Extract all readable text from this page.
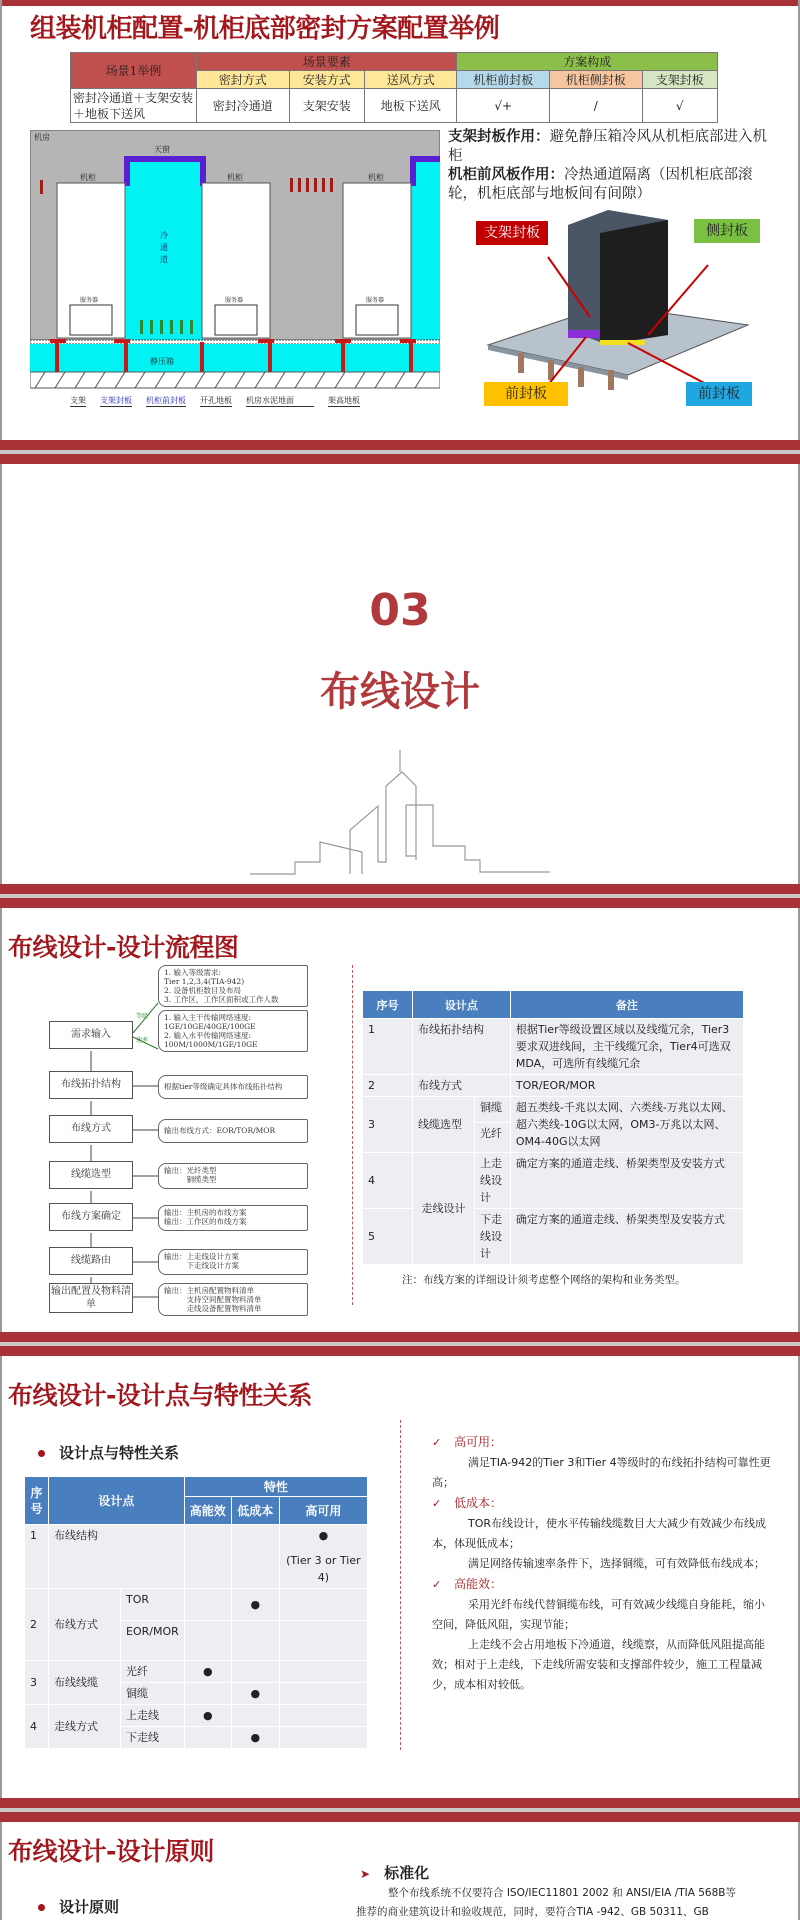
组装机柜配置-机柜底部密封方案配置举例
场景1举例	场景要素			方案构成		
	密封方式	安装方式	送风方式	机柜前封板	机柜侧封板	支架封板
密封冷通道＋支架安装＋地板下送风	密封冷通道	支架安装	地板下送风	√+	/	√
机房
天窗
机柜	机柜	机柜
冷通道
服务器	服务器	服务器
静压箱
支架 支架封板 机柜前封板 开孔地板 机房水泥地面	架高地板
支架封板作用：避免静压箱冷风从机柜底部进入机柜
机柜前风板作用：冷热通道隔离（因机柜底部滚轮，机柜底部与地板间有间隙）
支架封板	侧封板
前封板	前封板
03
布线设计
布线设计-设计流程图
等级
速率
需求输入
布线拓扑结构
布线方式
线缆选型
布线方案确定
线缆路由
输出配置及物料清单
1. 输入等级需求:
Tier 1,2,3,4(TIA-942)
2. 设备机柜数目及布局
3. 工作区，工作区面积或工作人数
1. 输入主干传输网络速度:
1GE/10GE/40GE/100GE
2. 输入水平传输网络速度:
100M/1000M/1GE/10GE
根据tier等级确定具体布线拓扑结构
输出布线方式：EOR/TOR/MOR
输出：光纤类型
　　　铜缆类型
输出：主机房的布线方案
输出：工作区的布线方案
输出：上走线设计方案
　　　下走线设计方案
输出：主机房配置物料清单
　　　支持空间配置物料清单
　　　走线设备配置物料清单
序号	设计点		备注
1	布线拓扑结构		根据Tier等级设置区域以及线缆冗余，Tier3要求双进线间，主干线缆冗余，Tier4可选双MDA，可选所有线缆冗余
2	布线方式		TOR/EOR/MOR
3	线缆选型	铜缆	超五类线-千兆以太网、六类线-万兆以太网、超六类线-10G以太网，OM3-万兆以太网、OM4-40G以太网
		光纤	
4	走线设计	上走线设计	确定方案的通道走线、桥架类型及安装方式
5		下走线设计	确定方案的通道走线、桥架类型及安装方式
注：布线方案的详细设计须考虑整个网络的架构和业务类型。
布线设计-设计点与特性关系
设计点与特性关系
序号	设计点		特性		
			高能效	低成本	高可用
1	布线结构				●
(Tier 3 or Tier 4)

2	布线方式	TOR		●	
		EOR/MOR			
3	布线线缆	光纤	●		
		铜缆		●	
4	走线方式	上走线	●		
		下走线		●	
✓ 高可用：
满足TIA-942的Tier 3和Tier 4等级时的布线拓扑结构可靠性更高；
✓ 低成本：
TOR布线设计，使水平传输线缆数目大大减少有效减少布线成本，体现低成本；
满足网络传输速率条件下，选择铜缆，可有效降低布线成本；
✓ 高能效：
采用光纤布线代替铜缆布线，可有效减少线缆自身能耗，缩小空间，降低风阻，实现节能；
上走线不会占用地板下冷通道，线缆察，从而降低风阻提高能效；相对于上走线，下走线所需安装和支撑部件较少，施工工程量减少，成本相对较低。
布线设计-设计原则
设计原则
➤ 标准化
整个布线系统不仅要符合 ISO/IEC11801 2002 和 ANSI/EIA /TIA 568B等
推荐的商业建筑设计和验收规范，同时，要符合TIA -942、GB 50311、GB
